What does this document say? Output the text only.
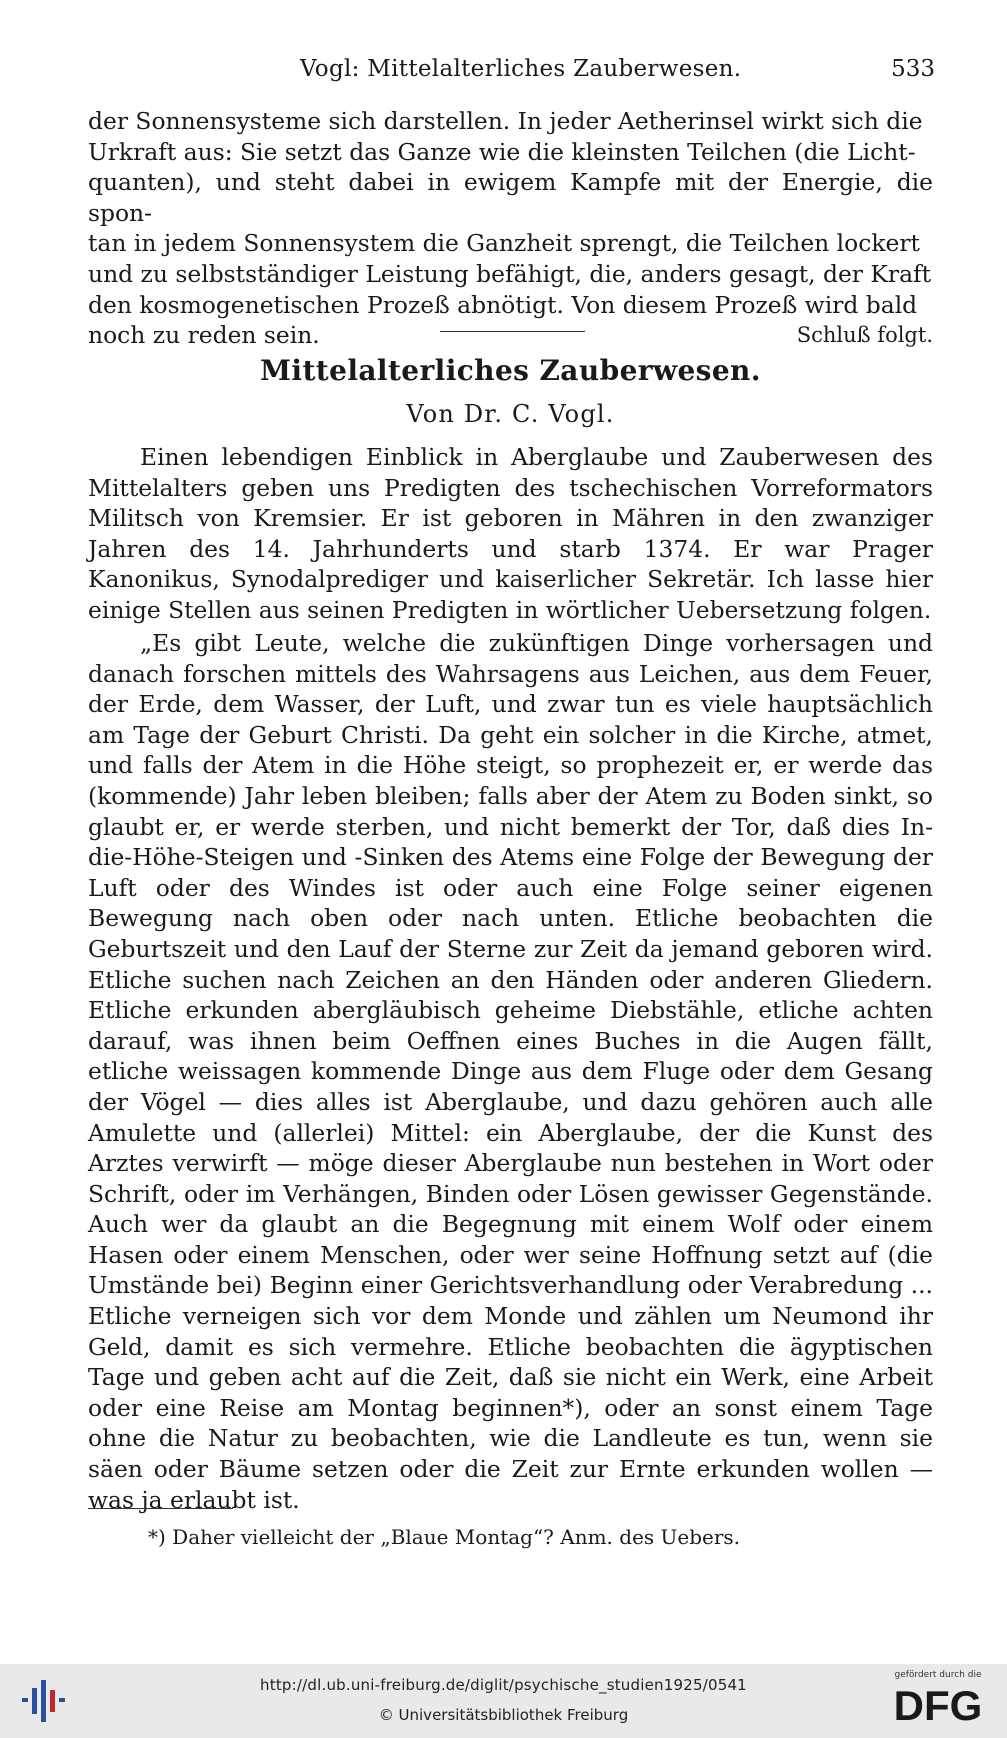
Vogl: Mittelalterliches Zauberwesen.	533

der Sonnensysteme sich darstellen. In jeder Aetherinsel wirkt sich die

Urkraft aus: Sie setzt das Ganze wie die kleinsten Teilchen (die Licht-

quanten), und steht dabei in ewigem Kampfe mit der Energie, die spon-

tan in jedem Sonnensystem die Ganzheit sprengt, die Teilchen lockert

und zu selbstständiger Leistung befähigt, die, anders gesagt, der Kraft

den kosmogenetischen Prozeß abnötigt. Von diesem Prozeß wird bald

noch zu reden sein.	Schluß folgt.
Mittelalterliches Zauberwesen.
Von Dr. C. Vogl.

Einen lebendigen Einblick in Aberglaube und Zauberwesen des Mittelalters geben uns Predigten des tschechischen Vorreformators Militsch von Kremsier. Er ist geboren in Mähren in den zwanziger Jahren des 14. Jahrhunderts und starb 1374. Er war Prager Kanonikus, Synodalprediger und kaiserlicher Sekretär. Ich lasse hier einige Stellen aus seinen Predigten in wörtlicher Uebersetzung folgen.

„Es gibt Leute, welche die zukünftigen Dinge vorhersagen und danach forschen mittels des Wahrsagens aus Leichen, aus dem Feuer, der Erde, dem Wasser, der Luft, und zwar tun es viele hauptsächlich am Tage der Geburt Christi. Da geht ein solcher in die Kirche, atmet, und falls der Atem in die Höhe steigt, so prophezeit er, er werde das (kommende) Jahr leben bleiben; falls aber der Atem zu Boden sinkt, so glaubt er, er werde sterben, und nicht bemerkt der Tor, daß dies In-die-Höhe-Steigen und -Sinken des Atems eine Folge der Bewegung der Luft oder des Windes ist oder auch eine Folge seiner eigenen Bewegung nach oben oder nach unten. Etliche beobachten die Geburtszeit und den Lauf der Sterne zur Zeit da jemand geboren wird. Etliche suchen nach Zeichen an den Händen oder anderen Gliedern. Etliche erkunden abergläubisch geheime Diebstähle, etliche achten darauf, was ihnen beim Oeffnen eines Buches in die Augen fällt, etliche weissagen kommende Dinge aus dem Fluge oder dem Gesang der Vögel — dies alles ist Aberglaube, und dazu gehören auch alle Amulette und (allerlei) Mittel: ein Aberglaube, der die Kunst des Arztes verwirft — möge dieser Aberglaube nun bestehen in Wort oder Schrift, oder im Verhängen, Binden oder Lösen gewisser Gegenstände. Auch wer da glaubt an die Begegnung mit einem Wolf oder einem Hasen oder einem Menschen, oder wer seine Hoffnung setzt auf (die Umstände bei) Beginn einer Gerichtsverhandlung oder Verabredung ... Etliche verneigen sich vor dem Monde und zählen um Neumond ihr Geld, damit es sich vermehre. Etliche beobachten die ägyptischen Tage und geben acht auf die Zeit, daß sie nicht ein Werk, eine Arbeit oder eine Reise am Montag beginnen*), oder an sonst einem Tage ohne die Natur zu beobachten, wie die Landleute es tun, wenn sie säen oder Bäume setzen oder die Zeit zur Ernte erkunden wollen — was ja erlaubt ist.

*) Daher vielleicht der „Blaue Montag“? Anm. des Uebers.
http://dl.ub.uni-freiburg.de/diglit/psychische_studien1925/0541
© Universitätsbibliothek Freiburg
gefördert durch die
DFG
